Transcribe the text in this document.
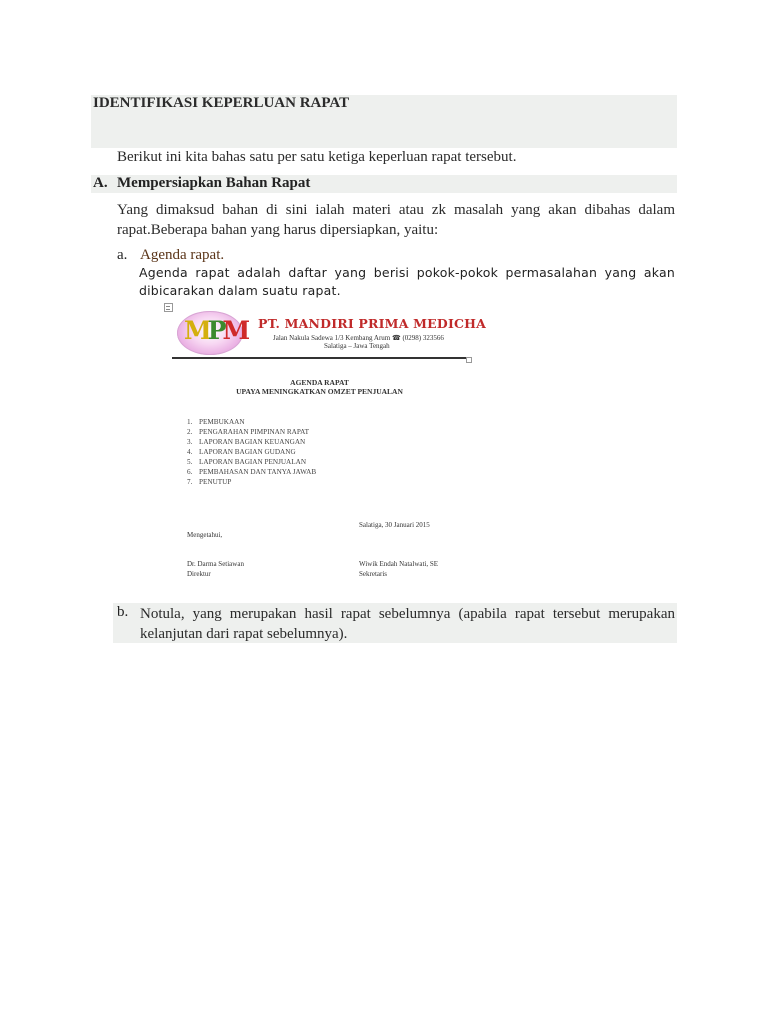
IDENTIFIKASI KEPERLUAN RAPAT
Berikut ini kita bahas satu per satu ketiga keperluan rapat tersebut.
A. Mempersiapkan Bahan Rapat
Yang dimaksud bahan di sini ialah materi atau zk masalah yang akan dibahas dalam rapat.Beberapa bahan yang harus dipersiapkan, yaitu:
a. Agenda rapat.
Agenda rapat adalah daftar yang berisi pokok-pokok permasalahan yang akan dibicarakan dalam suatu rapat.
MPM PT. MANDIRI PRIMA MEDICHA
Jalan Nakula Sadewa 1/3 Kembang Arum ☎ (0298) 323566
Salatiga – Jawa Tengah
AGENDA RAPAT
UPAYA MENINGKATKAN OMZET PENJUALAN
1. PEMBUKAAN
2. PENGARAHAN PIMPINAN RAPAT
3. LAPORAN BAGIAN KEUANGAN
4. LAPORAN BAGIAN GUDANG
5. LAPORAN BAGIAN PENJUALAN
6. PEMBAHASAN DAN TANYA JAWAB
7. PENUTUP
Salatiga, 30 Januari 2015
Mengetahui,
Dr. Darma Setiawan
Direktur
Wiwik Endah Natalwati, SE
Sekretaris
b. Notula, yang merupakan hasil rapat sebelumnya (apabila rapat tersebut merupakan kelanjutan dari rapat sebelumnya).
